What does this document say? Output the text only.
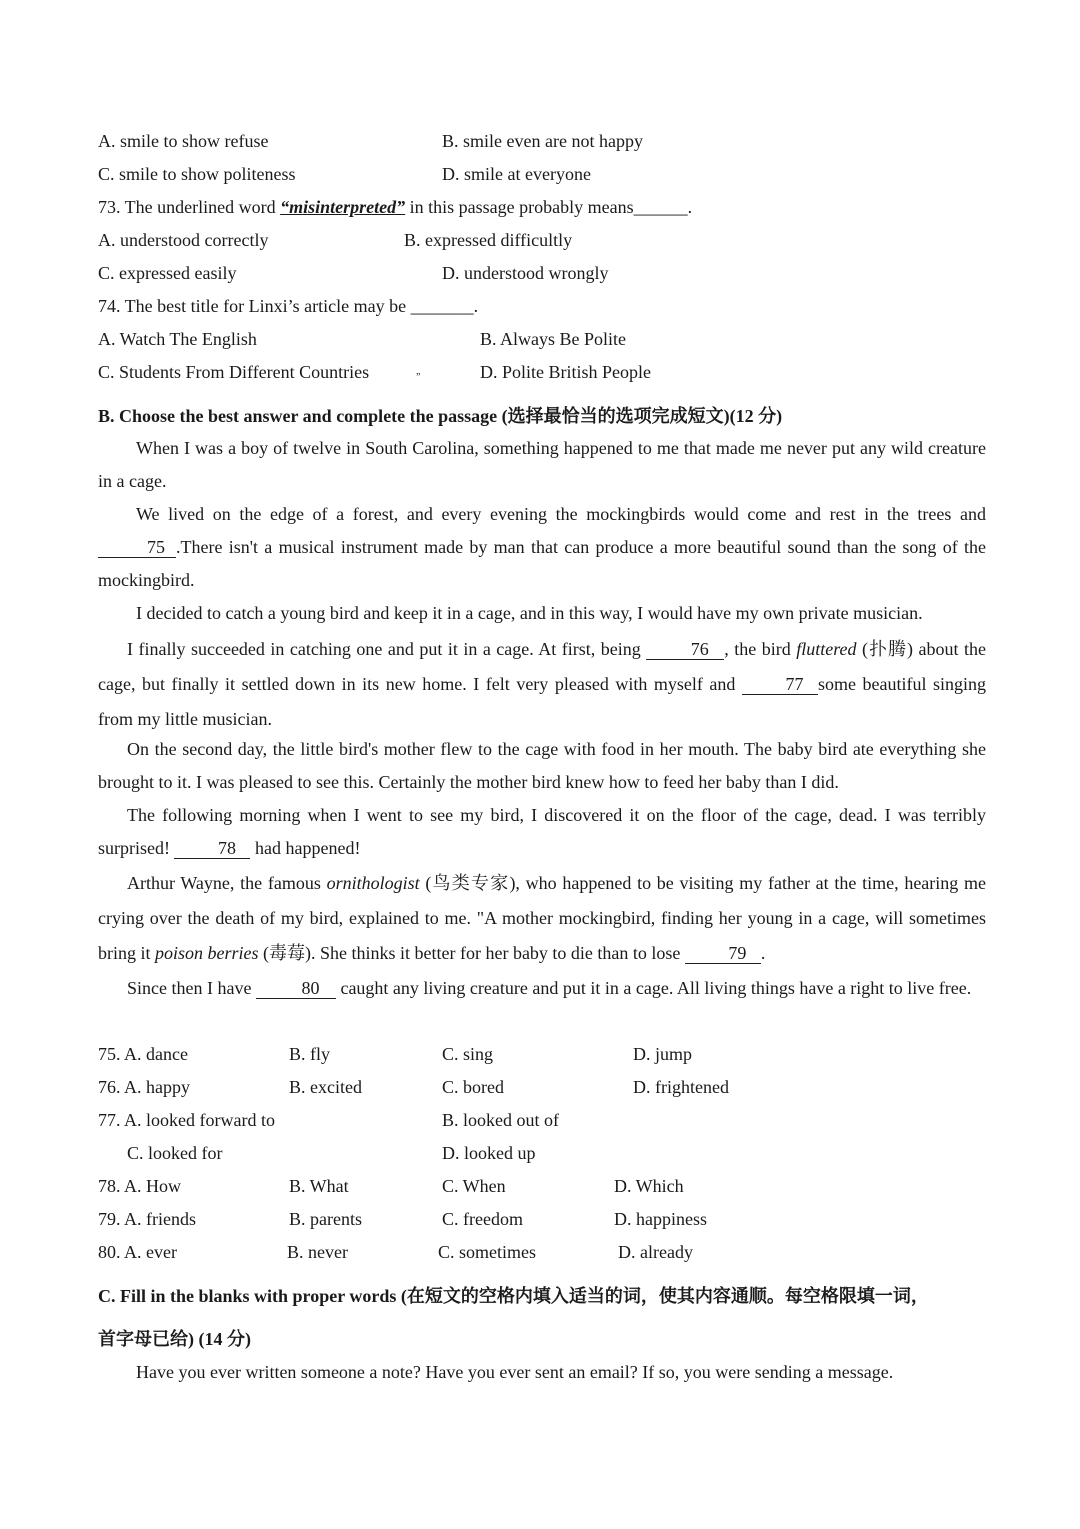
A. smile to show refuse	B. smile even are not happy
C. smile to show politeness	D. smile at everyone
73. The underlined word “misinterpreted” in this passage probably means______.
A. understood correctly	B. expressed difficultly
C. expressed easily	D. understood wrongly
74. The best title for Linxi’s article may be _______.
A. Watch The English	B. Always Be Polite
C. Students From Different Countries	„	D. Polite British People
B. Choose the best answer and complete the passage (选择最恰当的选项完成短文)(12 分)
When I was a boy of twelve in South Carolina, something happened to me that made me never put any wild creature in a cage.
We lived on the edge of a forest, and every evening the mockingbirds would come and rest in the trees and 75 .There isn't a musical instrument made by man that can produce a more beautiful sound than the song of the mockingbird.
I decided to catch a young bird and keep it in a cage, and in this way, I would have my own private musician.
I finally succeeded in catching one and put it in a cage. At first, being 76 , the bird fluttered (扑腾) about the cage, but finally it settled down in its new home. I felt very pleased with myself and 77 some beautiful singing from my little musician.
On the second day, the little bird's mother flew to the cage with food in her mouth. The baby bird ate everything she brought to it. I was pleased to see this. Certainly the mother bird knew how to feed her baby than I did.
The following morning when I went to see my bird, I discovered it on the floor of the cage, dead. I was terribly surprised! 78 had happened!
Arthur Wayne, the famous ornithologist (鸟类专家), who happened to be visiting my father at the time, hearing me crying over the death of my bird, explained to me. "A mother mockingbird, finding her young in a cage, will sometimes bring it poison berries (毒莓). She thinks it better for her baby to die than to lose 79 .
Since then I have	80 caught any living creature and put it in a cage. All living things have a right to live free.
75. A. dance	B. fly	C. sing	D. jump
76. A. happy	B. excited	C. bored	D. frightened
77. A. looked forward to	B. looked out of
C. looked for	D. looked up
78. A. How	B. What	C. When	D. Which
79. A. friends	B. parents	C. freedom	D. happiness
80. A. ever	B. never	C. sometimes	D. already
C. Fill in the blanks with proper words (在短文的空格内填入适当的词，使其内容通顺。每空格限填一词，
首字母已给) (14 分)
Have you ever written someone a note? Have you ever sent an email? If so, you were sending a message.
